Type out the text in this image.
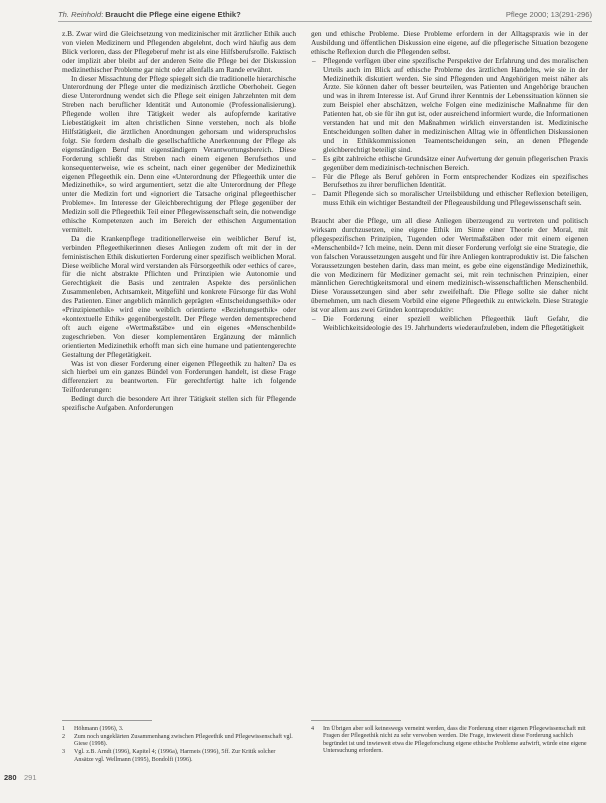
Th. Reinhold: Braucht die Pflege eine eigene Ethik?	Pflege 2000; 13(291-296)

z.B. Zwar wird die Gleichsetzung von medizinischer mit ärztlicher Ethik auch von vielen Medizinern und Pflegenden abgelehnt, doch wird häufig aus dem Blick verloren, dass der Pflegeberuf mehr ist als eine Hilfsberufsrolle. Faktisch oder implizit aber bleibt auf der anderen Seite die Pflege bei der Diskussion medizinethischer Probleme gar nicht oder allenfalls am Rande erwähnt.

In dieser Missachtung der Pflege spiegelt sich die traditionelle hierarchische Unterordnung der Pflege unter die medizinisch ärztliche Oberhoheit. Gegen diese Unterordnung wendet sich die Pflege seit einigen Jahrzehnten mit dem Streben nach beruflicher Identität und Autonomie (Professionalisierung). Pflegende wollen ihre Tätigkeit weder als aufopfernde karitative Liebestätigkeit im alten christlichen Sinne verstehen, noch als bloße Hilfstätigkeit, die ärztlichen Anordnungen gehorsam und widerspruchslos folgt. Sie fordern deshalb die gesellschaftliche Anerkennung der Pflege als eigenständigen Beruf mit eigenständigem Verantwortungsbereich. Diese Forderung schließt das Streben nach einem eigenen Berufsethos und konsequenterweise, wie es scheint, nach einer gegenüber der Medizinethik eigenen Pflegeethik ein. Denn eine «Unterordnung der Pflegeethik unter die Medizinethik», so wird argumentiert, setzt die alte Unterordnung der Pflege unter die Medizin fort und «ignoriert die Tatsache original pflegeethischer Probleme». Im Interesse der Gleichberechtigung der Pflege gegenüber der Medizin soll die Pflegeethik Teil einer Pflegewissenschaft sein, die notwendige ethische Kompetenzen auch im Bereich der ethischen Argumentation vermittelt.

Da die Krankenpflege traditionellerweise ein weiblicher Beruf ist, verbinden Pflegeethikerinnen dieses Anliegen zudem oft mit der in der feministischen Ethik diskutierten Forderung einer spezifisch weiblichen Moral. Diese weibliche Moral wird verstanden als Fürsorgeethik oder «ethics of care», für die nicht abstrakte Pflichten und Prinzipien wie Autonomie und Gerechtigkeit die Basis und zentralen Aspekte des persönlichen Zusammenleben, Achtsamkeit, Mitgefühl und konkrete Fürsorge für das Wohl des Patienten. Einer angeblich männlich geprägten «Entscheidungsethik» oder «Prinzipienethik» wird eine weiblich orientierte «Beziehungsethik» oder «kontextuelle Ethik» gegenübergestellt. Der Pflege werden dementsprechend oft auch eigene «Wertmaßstäbe» und ein eigenes «Menschenbild» zugeschrieben. Von dieser komplementären Ergänzung der männlich orientierten Medizinethik erhofft man sich eine humane und patientengerechte Gestaltung der Pflegetätigkeit.

Was ist von dieser Forderung einer eigenen Pflegeethik zu halten? Da es sich hierbei um ein ganzes Bündel von Forderungen handelt, ist diese Frage differenziert zu beantworten. Für gerechtfertigt halte ich folgende Teilforderungen:

Bedingt durch die besondere Art ihrer Tätigkeit stellen sich für Pflegende spezifische Aufgaben. Anforderungen

gen und ethische Probleme. Diese Probleme erfordern in der Alltagspraxis wie in der Ausbildung und öffentlichen Diskussion eine eigene, auf die pflegerische Situation bezogene ethische Reflexion durch die Pflegenden selbst.

– Pflegende verfügen über eine spezifische Perspektive der Erfahrung und des moralischen Urteils auch im Blick auf ethische Probleme des ärztlichen Handelns, wie sie in der Medizinethik diskutiert werden. Sie sind Pflegenden und Angehörigen meist näher als Ärzte. Sie können daher oft besser beurteilen, was Patienten und Angehörige brauchen und was in ihrem Interesse ist. Auf Grund ihrer Kenntnis der Lebenssituation können sie zum Beispiel eher abschätzen, welche Folgen eine medizinische Maßnahme für den Patienten hat, ob sie für ihn gut ist, oder ausreichend informiert wurde, die Informationen verstanden hat und mit den Maßnahmen wirklich einverstanden ist. Medizinische Entscheidungen sollten daher in medizinischen Alltag wie in öffentlichen Diskussionen und in Ethikkommissionen Teamentscheidungen sein, an denen Pflegende gleichberechtigt beteiligt sind.
– Es gibt zahlreiche ethische Grundsätze einer Aufwertung der genuin pflegerischen Praxis gegenüber dem medizinisch-technischen Bereich.
– Für die Pflege als Beruf gehören in Form entsprechender Kodizes ein spezifisches Berufsethos zu ihrer beruflichen Identität.
– Damit Pflegende sich so moralischer Urteilsbildung und ethischer Reflexion beteiligen, muss Ethik ein wichtiger Bestandteil der Pflegeausbildung und Pflegewissenschaft sein.

Braucht aber die Pflege, um all diese Anliegen überzeugend zu vertreten und politisch wirksam durchzusetzen, eine eigene Ethik im Sinne einer Theorie der Moral, mit pflegespezifischen Prinzipien, Tugenden oder Wertmaßstäben oder mit einem eigenen «Menschenbild»? Ich meine, nein. Denn mit dieser Forderung verfolgt sie eine Strategie, die von falschen Voraussetzungen ausgeht und für ihre Anliegen kontraproduktiv ist. Die falschen Voraussetzungen bestehen darin, dass man meint, es gebe eine eigenständige Medizinethik, die von Medizinern für Mediziner gemacht sei, mit rein technischen Prinzipien, einer männlichen Gerechtigkeitsmoral und einem medizinisch-wissenschaftlichen Menschenbild. Diese Voraussetzungen sind aber sehr zweifelhaft. Die Pflege sollte sie daher nicht übernehmen, um nach diesem Vorbild eine eigene Pflegeethik zu entwickeln. Diese Strategie ist vor allem aus zwei Gründen kontraproduktiv:

– Die Forderung einer speziell weiblichen Pflegeethik läuft Gefahr, die Weiblichkeitsideologie des 19. Jahrhunderts wiederaufzuleben, indem die Pflegetätigkeit
1 Höhmann (1996), 3.
2 Zum noch ungeklärten Zusammenhang zwischen Pflegeethik und Pflegewissenschaft vgl. Giese (1998).
3 Vgl. z.B. Arndt (1996), Kapitel 4; (1996a), Harmeis (1996), 5ff. Zur Kritik solcher Ansätze vgl. Wellmann (1995), Bondolfi (1996).
4 Im Übrigen aber soll keineswegs verneint werden, dass die Forderung einer eigenen Pflegewissenschaft mit Fragen der Pflegeethik nicht zu sehr verwoben werden. Die Frage, inwieweit diese Forderung sachlich begründet ist und inwieweit etwa die Pflegeforschung eigene ethische Probleme aufwirft, würde eine eigene Untersuchung erfordern.
280 291
